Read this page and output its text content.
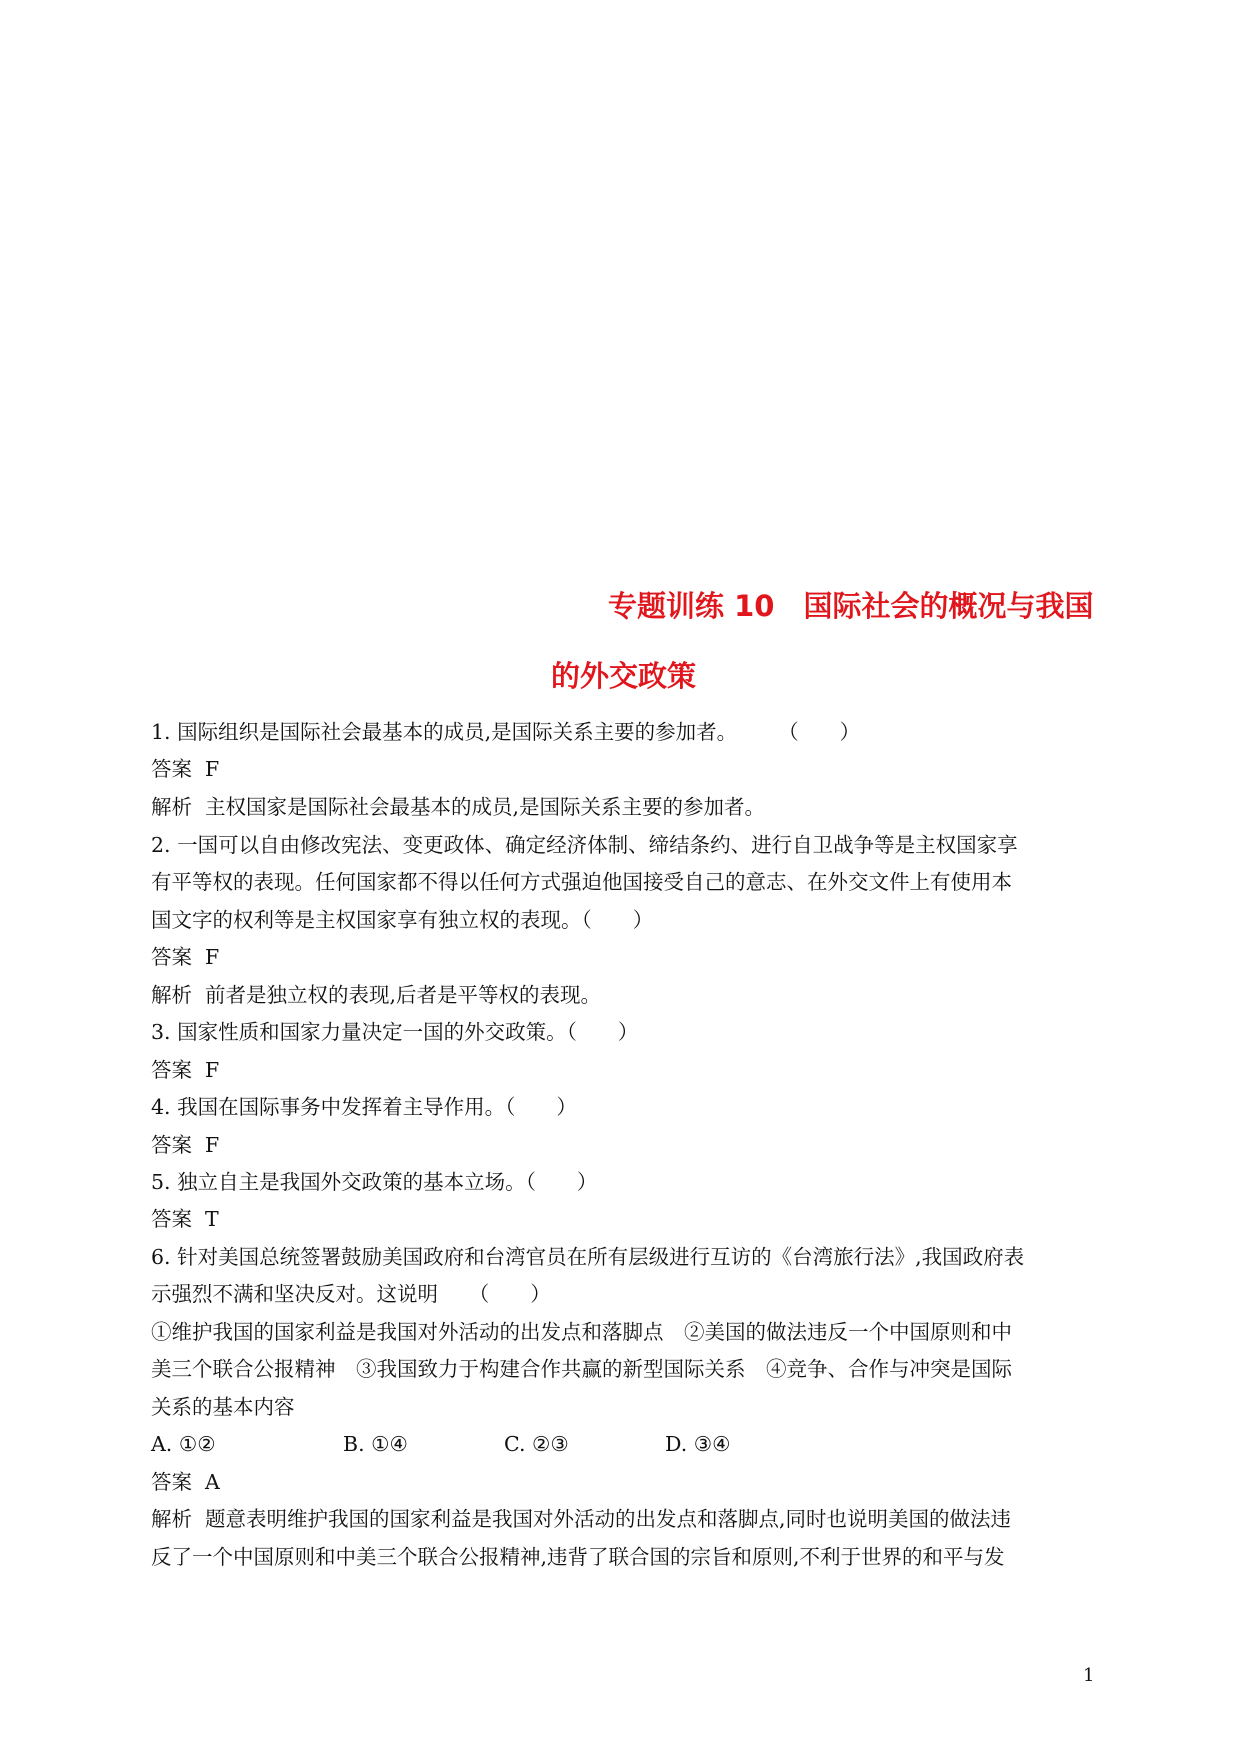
专题训练 10　国际社会的概况与我国
的外交政策
1. 国际组织是国际社会最基本的成员,是国际关系主要的参加者。　　　（　　）
答案  F
解析  主权国家是国际社会最基本的成员,是国际关系主要的参加者。
2. 一国可以自由修改宪法、变更政体、确定经济体制、缔结条约、进行自卫战争等是主权国家享
有平等权的表现。任何国家都不得以任何方式强迫他国接受自己的意志、在外交文件上有使用本
国文字的权利等是主权国家享有独立权的表现。（　　）
答案  F
解析  前者是独立权的表现,后者是平等权的表现。
3. 国家性质和国家力量决定一国的外交政策。（　　）
答案  F
4. 我国在国际事务中发挥着主导作用。（　　）
答案  F
5. 独立自主是我国外交政策的基本立场。（　　）
答案  T
6. 针对美国总统签署鼓励美国政府和台湾官员在所有层级进行互访的《台湾旅行法》,我国政府表
示强烈不满和坚决反对。这说明　　（　　）
①维护我国的国家利益是我国对外活动的出发点和落脚点　②美国的做法违反一个中国原则和中
美三个联合公报精神　③我国致力于构建合作共赢的新型国际关系　④竞争、合作与冲突是国际
关系的基本内容
A. ①②	B. ①④	C. ②③	D. ③④
答案  A
解析  题意表明维护我国的国家利益是我国对外活动的出发点和落脚点,同时也说明美国的做法违
反了一个中国原则和中美三个联合公报精神,违背了联合国的宗旨和原则,不利于世界的和平与发
1
